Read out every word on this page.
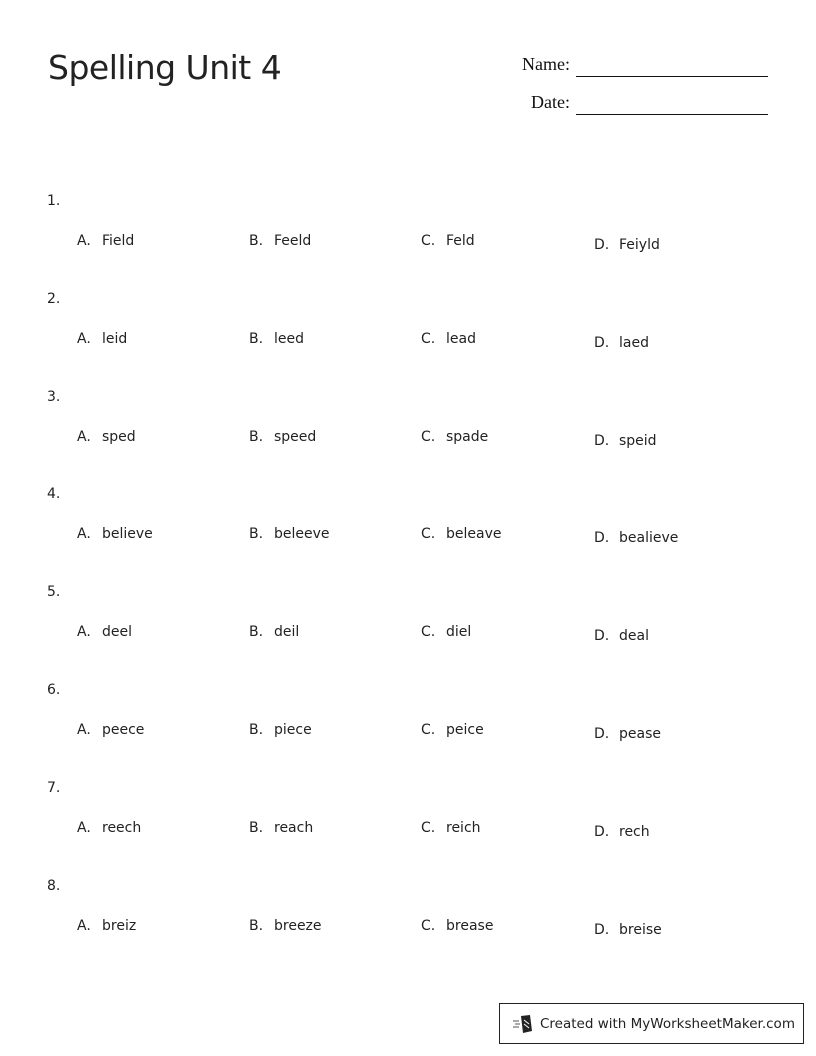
Spelling Unit 4	Name:
Date:
1.
A. Field	B. Feeld	C. Feld	D. Feiyld
2.
A. leid	B. leed	C. lead	D. laed
3.
A. sped	B. speed	C. spade	D. speid
4.
A. believe	B. beleeve	C. beleave	D. bealieve
5.
A. deel	B. deil	C. diel	D. deal
6.
A. peece	B. piece	C. peice	D. pease
7.
A. reech	B. reach	C. reich	D. rech
8.
A. breiz	B. breeze	C. brease	D. breise
Created with MyWorksheetMaker.com
